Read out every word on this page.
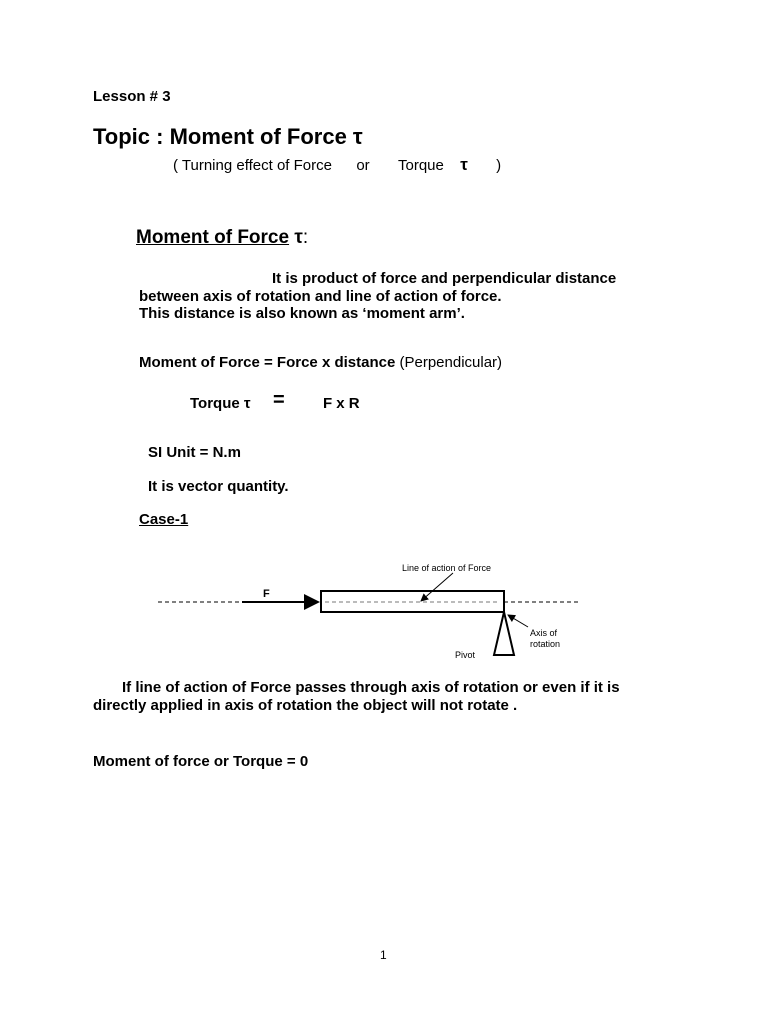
Lesson # 3
Topic : Moment of Force τ
( Turning effect of Force or Torque τ )
Moment of Force τ:
It is product of force and perpendicular distance
between axis of rotation and line of action of force.
This distance is also known as ‘moment arm’.
Moment of Force = Force x distance (Perpendicular)
Torque τ =	F x R
SI Unit = N.m
It is vector quantity.
Case-1
F
Line of action of Force
Axis of
rotation
Pivot
If line of action of Force passes through axis of rotation or even if it is
directly applied in axis of rotation the object will not rotate .
Moment of force or Torque = 0
1
